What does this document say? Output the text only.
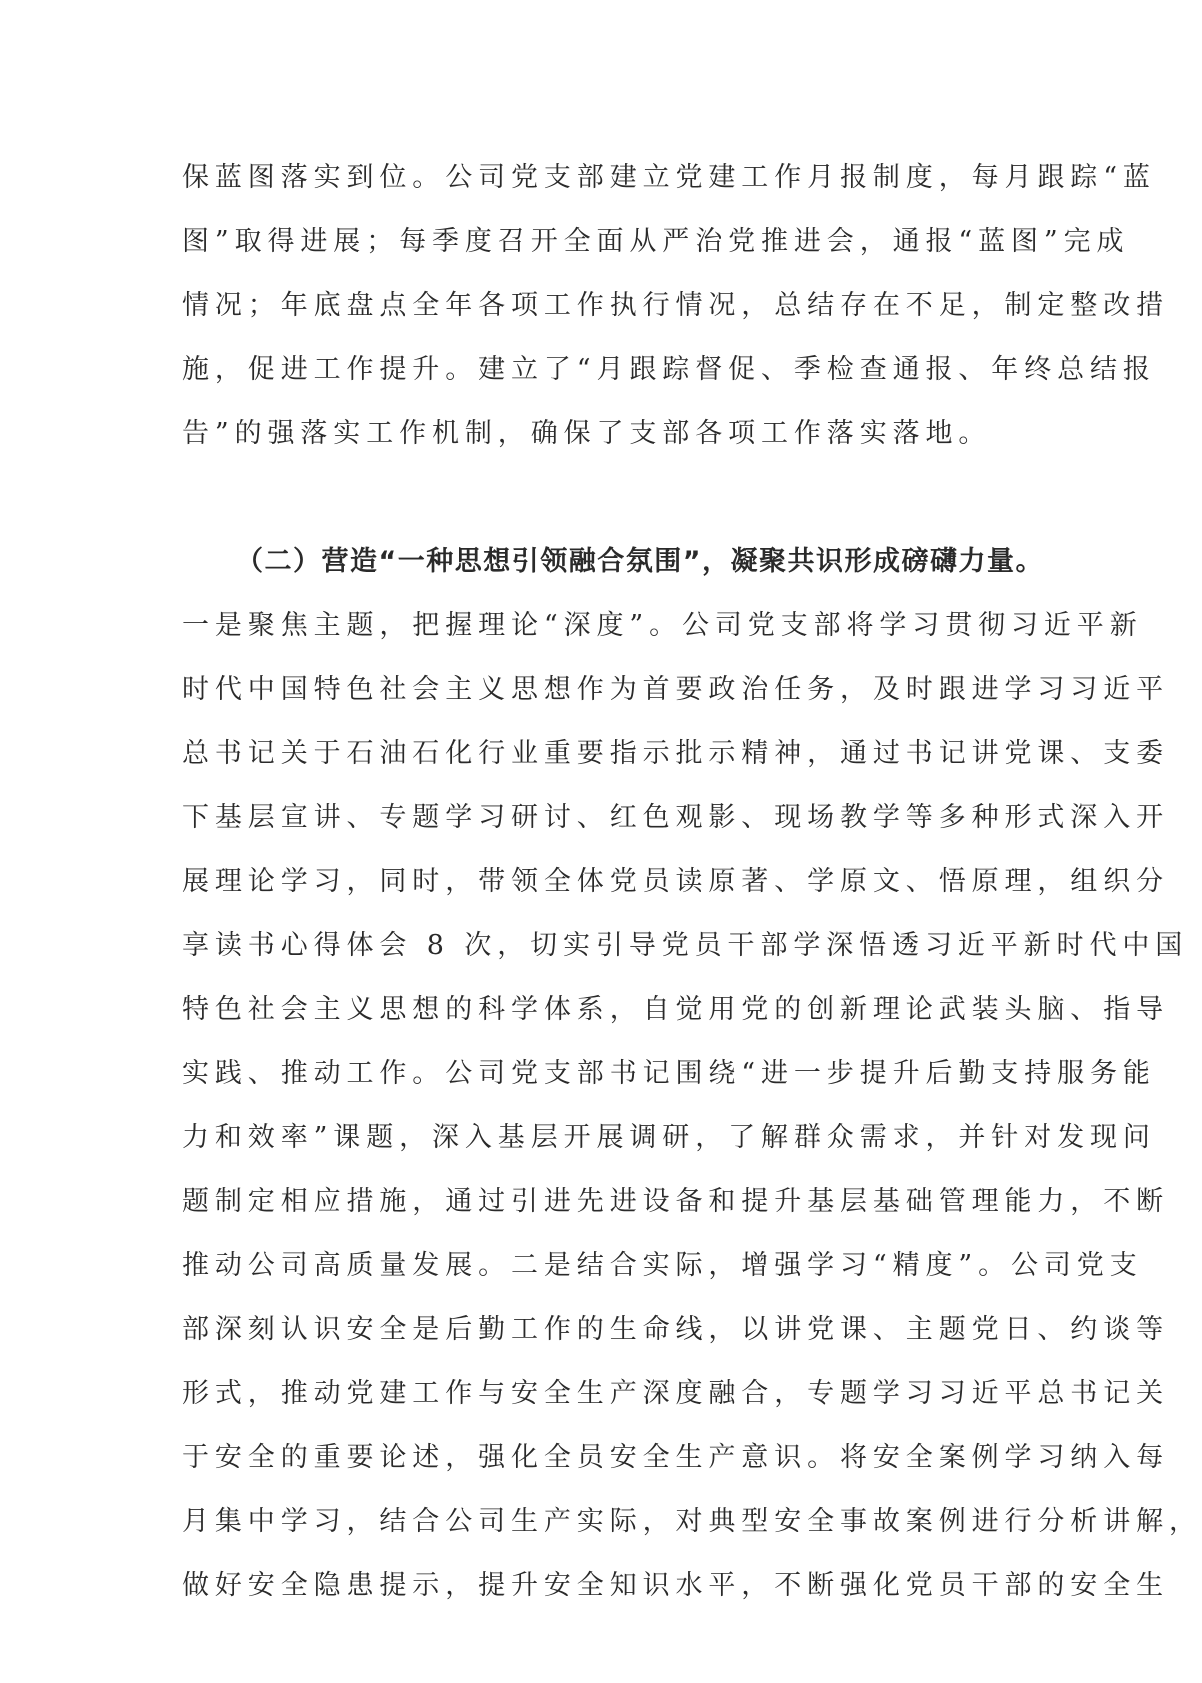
保蓝图落实到位。公司党支部建立党建工作月报制度，每月跟踪“蓝
图”取得进展；每季度召开全面从严治党推进会，通报“蓝图”完成
情况；年底盘点全年各项工作执行情况，总结存在不足，制定整改措
施，促进工作提升。建立了“月跟踪督促、季检查通报、年终总结报
告”的强落实工作机制，确保了支部各项工作落实落地。
（二）营造“一种思想引领融合氛围”，凝聚共识形成磅礴力量。
一是聚焦主题，把握理论“深度”。公司党支部将学习贯彻习近平新
时代中国特色社会主义思想作为首要政治任务，及时跟进学习习近平
总书记关于石油石化行业重要指示批示精神，通过书记讲党课、支委
下基层宣讲、专题学习研讨、红色观影、现场教学等多种形式深入开
展理论学习，同时，带领全体党员读原著、学原文、悟原理，组织分
享读书心得体会 8 次，切实引导党员干部学深悟透习近平新时代中国
特色社会主义思想的科学体系，自觉用党的创新理论武装头脑、指导
实践、推动工作。公司党支部书记围绕“进一步提升后勤支持服务能
力和效率”课题，深入基层开展调研，了解群众需求，并针对发现问
题制定相应措施，通过引进先进设备和提升基层基础管理能力，不断
推动公司高质量发展。二是结合实际，增强学习“精度”。公司党支
部深刻认识安全是后勤工作的生命线，以讲党课、主题党日、约谈等
形式，推动党建工作与安全生产深度融合，专题学习习近平总书记关
于安全的重要论述，强化全员安全生产意识。将安全案例学习纳入每
月集中学习，结合公司生产实际，对典型安全事故案例进行分析讲解，
做好安全隐患提示，提升安全知识水平，不断强化党员干部的安全生
